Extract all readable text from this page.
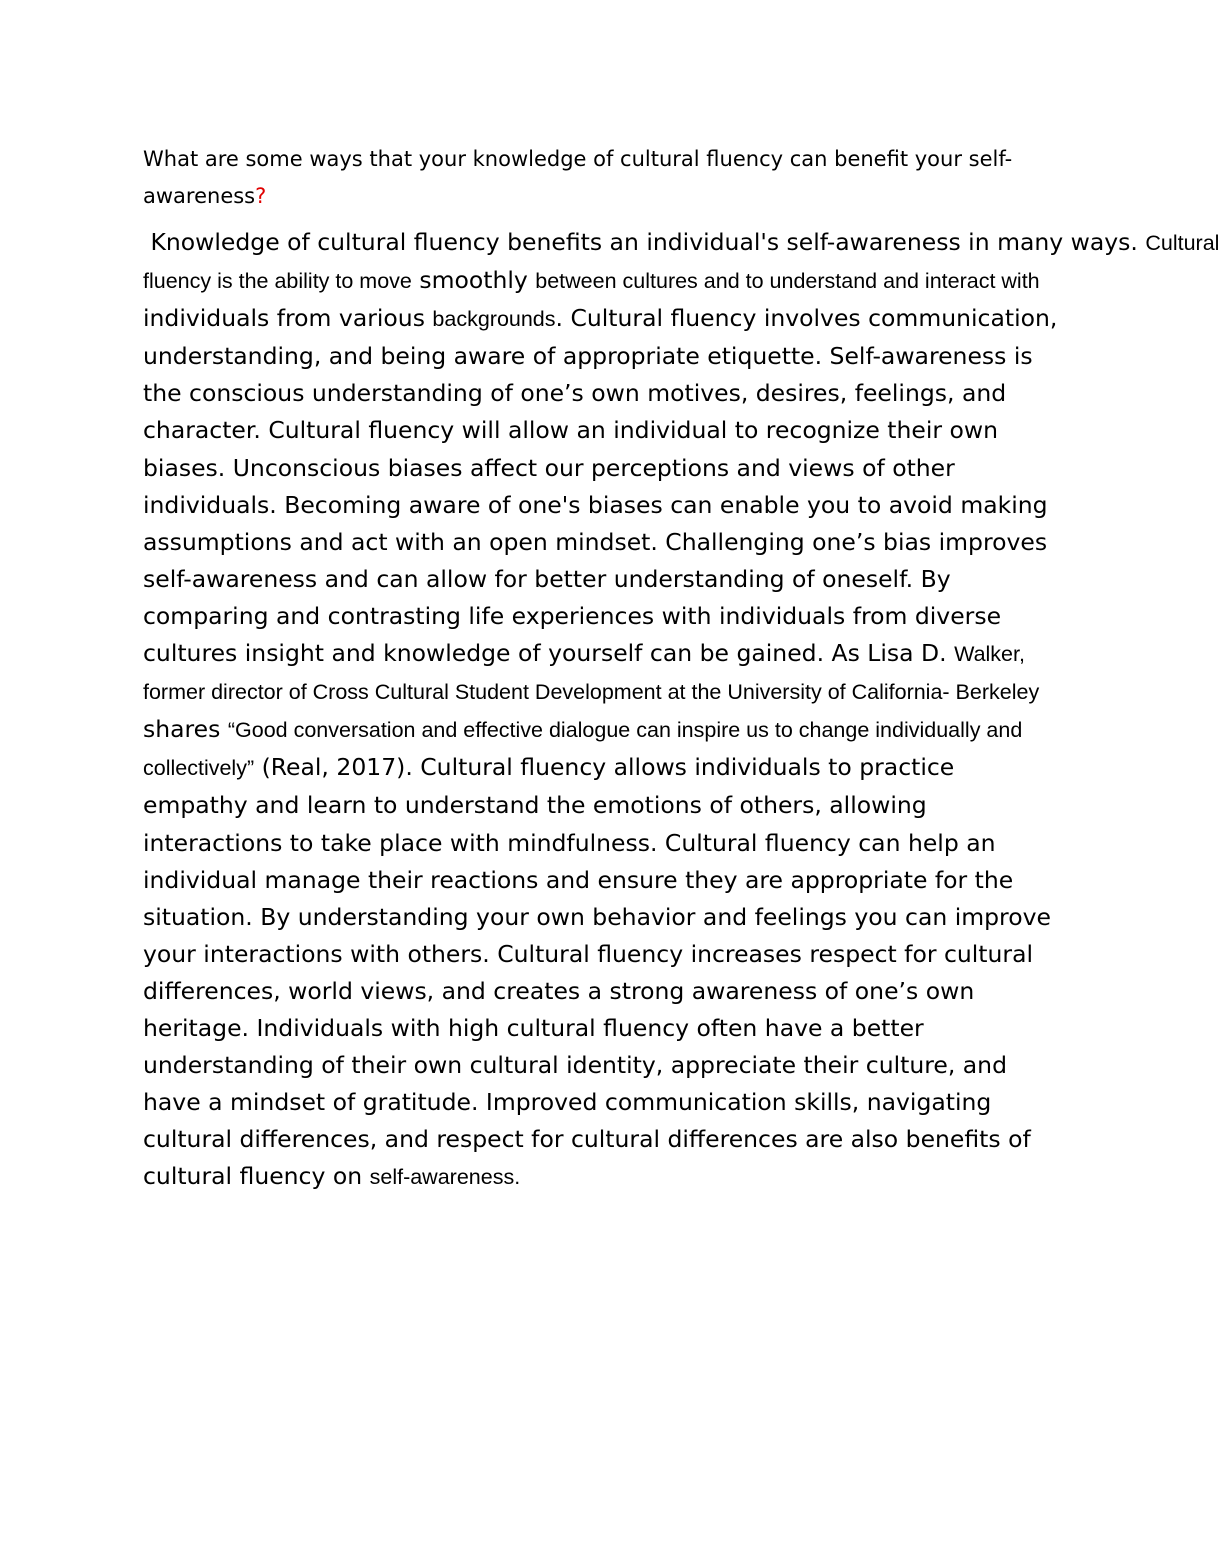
What are some ways that your knowledge of cultural fluency can benefit your self-awareness?

Knowledge of cultural fluency benefits an individual's self-awareness in many ways. Cultural fluency is the ability to move smoothly between cultures and to understand and interact with individuals from various backgrounds. Cultural fluency involves communication, understanding, and being aware of appropriate etiquette. Self-awareness is the conscious understanding of one’s own motives, desires, feelings, and character. Cultural fluency will allow an individual to recognize their own biases. Unconscious biases affect our perceptions and views of other individuals. Becoming aware of one's biases can enable you to avoid making assumptions and act with an open mindset. Challenging one’s bias improves self-awareness and can allow for better understanding of oneself. By comparing and contrasting life experiences with individuals from diverse cultures insight and knowledge of yourself can be gained. As Lisa D. Walker, former director of Cross Cultural Student Development at the University of California- Berkeley shares “Good conversation and effective dialogue can inspire us to change individually and collectively” (Real, 2017). Cultural fluency allows individuals to practice empathy and learn to understand the emotions of others, allowing interactions to take place with mindfulness. Cultural fluency can help an individual manage their reactions and ensure they are appropriate for the situation. By understanding your own behavior and feelings you can improve your interactions with others. Cultural fluency increases respect for cultural differences, world views, and creates a strong awareness of one’s own heritage. Individuals with high cultural fluency often have a better understanding of their own cultural identity, appreciate their culture, and have a mindset of gratitude. Improved communication skills, navigating cultural differences, and respect for cultural differences are also benefits of cultural fluency on self-awareness.
